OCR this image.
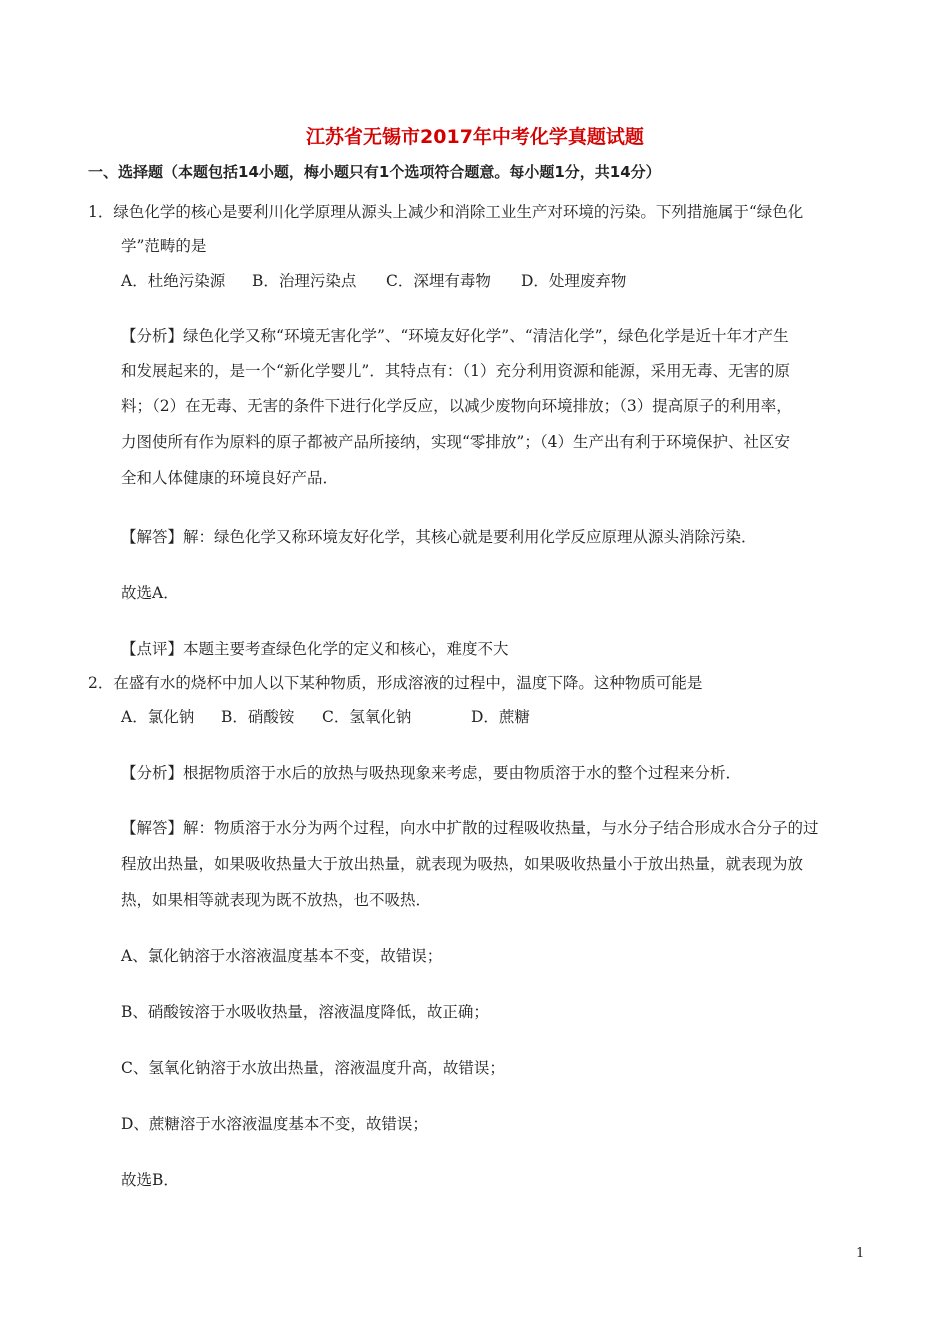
江苏省无锡市2017年中考化学真题试题
一、选择题（本题包括14小题，梅小题只有1个选项符合题意。每小题1分，共14分）
1．绿色化学的核心是要利川化学原理从源头上减少和消除工业生产对环境的污染。下列措施属于“绿色化
学”范畴的是
A．杜绝污染源 B．治理污染点 C．深埋有毒物 D．处理废弃物
【分析】绿色化学又称“环境无害化学”、“环境友好化学”、“清洁化学”，绿色化学是近十年才产生
和发展起来的，是一个“新化学婴儿”．其特点有：（1）充分利用资源和能源，采用无毒、无害的原
料；（2）在无毒、无害的条件下进行化学反应，以减少废物向环境排放；（3）提高原子的利用率，
力图使所有作为原料的原子都被产品所接纳，实现“零排放”；（4）生产出有利于环境保护、社区安
全和人体健康的环境良好产品．
【解答】解：绿色化学又称环境友好化学，其核心就是要利用化学反应原理从源头消除污染．
故选A．
【点评】本题主要考查绿色化学的定义和核心，难度不大
2．在盛有水的烧杯中加人以下某种物质，形成溶液的过程中，温度下降。这种物质可能是
A．氯化钠 B．硝酸铵 C．氢氧化钠	D．蔗糖
【分析】根据物质溶于水后的放热与吸热现象来考虑，要由物质溶于水的整个过程来分析．
【解答】解：物质溶于水分为两个过程，向水中扩散的过程吸收热量，与水分子结合形成水合分子的过
程放出热量，如果吸收热量大于放出热量，就表现为吸热，如果吸收热量小于放出热量，就表现为放
热，如果相等就表现为既不放热，也不吸热．
A、氯化钠溶于水溶液温度基本不变，故错误；
B、硝酸铵溶于水吸收热量，溶液温度降低，故正确；
C、氢氧化钠溶于水放出热量，溶液温度升高，故错误；
D、蔗糖溶于水溶液温度基本不变，故错误；
故选B．
1
